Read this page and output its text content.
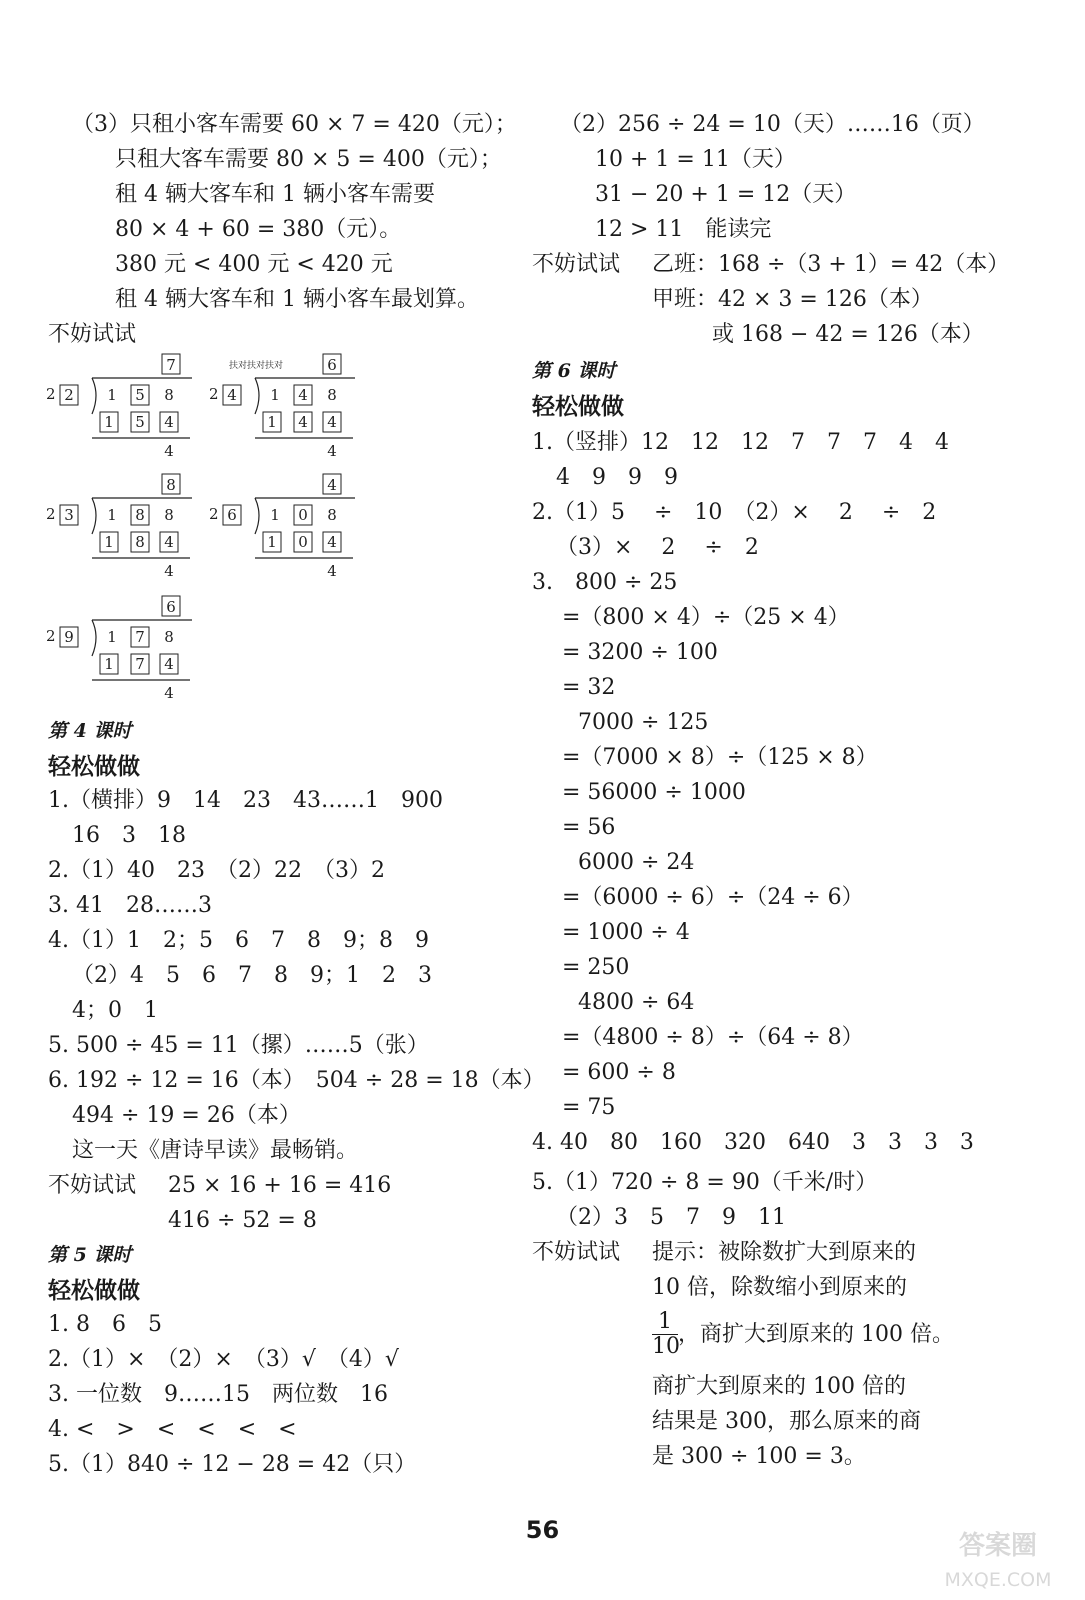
（3）只租小客车需要 60 × 7 = 420（元）；
只租大客车需要 80 × 5 = 400（元）；
租 4 辆大客车和 1 辆小客车需要
80 × 4 + 60 = 380（元）。
380 元 < 400 元 < 420 元
租 4 辆大客车和 1 辆小客车最划算。
不妨试试
7
2 2 1 5 8
1 5 4
4
6
扶对扶对扶对
2 4 1 4 8
1 4 4
4
8
2 3 1 8 8
1 8 4
4
4
2 6 1 0 8
1 0 4
4
6
2 9 1 7 8
1 7 4
4
第 4 课时
轻松做做
1.（横排）9　14　23　43……1　900
16　3　18
2.（1）40　23　（2）22　（3）2
3. 41　28……3
4.（1）1　2；5　6　7　8　9；8　9
（2）4　5　6　7　8　9；1　2　3
4；0　1
5. 500 ÷ 45 = 11（摞）……5（张）
6. 192 ÷ 12 = 16（本）　504 ÷ 28 = 18（本）
494 ÷ 19 = 26（本）
这一天《唐诗早读》最畅销。
不妨试试 25 × 16 + 16 = 416
416 ÷ 52 = 8
第 5 课时
轻松做做
1. 8　6　5
2.（1）×　（2）×　（3）√　（4）√
3. 一位数　9……15　两位数　16
4. <　>　<　<　<　<
5.（1）840 ÷ 12 − 28 = 42（只）
（2）256 ÷ 24 = 10（天）……16（页）
10 + 1 = 11（天）
31 − 20 + 1 = 12（天）
12 > 11　能读完
不妨试试 乙班：168 ÷（3 + 1）= 42（本）
甲班：42 × 3 = 126（本）
或 168 − 42 = 126（本）
第 6 课时
轻松做做
1.（竖排）12　12　12　7　7　7　4　4
4　9　9　9
2.（1）5　 ÷　10　（2）×　 2　 ÷　2
（3）×　 2　 ÷　2
3.　800 ÷ 25
=（800 × 4）÷（25 × 4）
= 3200 ÷ 100
= 32
7000 ÷ 125
=（7000 × 8）÷（125 × 8）
= 56000 ÷ 1000
= 56
6000 ÷ 24
=（6000 ÷ 6）÷（24 ÷ 6）
= 1000 ÷ 4
= 250
4800 ÷ 64
=（4800 ÷ 8）÷（64 ÷ 8）
= 600 ÷ 8
= 75
4. 40　80　160　320　640　3　3　3　3
5.（1）720 ÷ 8 = 90（千米/时）
（2）3　5　7　9　11
不妨试试 提示：被除数扩大到原来的
10 倍，除数缩小到原来的
$\frac{1}{10}$ ，商扩大到原来的 100 倍。
商扩大到原来的 100 倍的
结果是 300，那么原来的商
是 300 ÷ 100 = 3。
56
答案圈
MXQE.COM
